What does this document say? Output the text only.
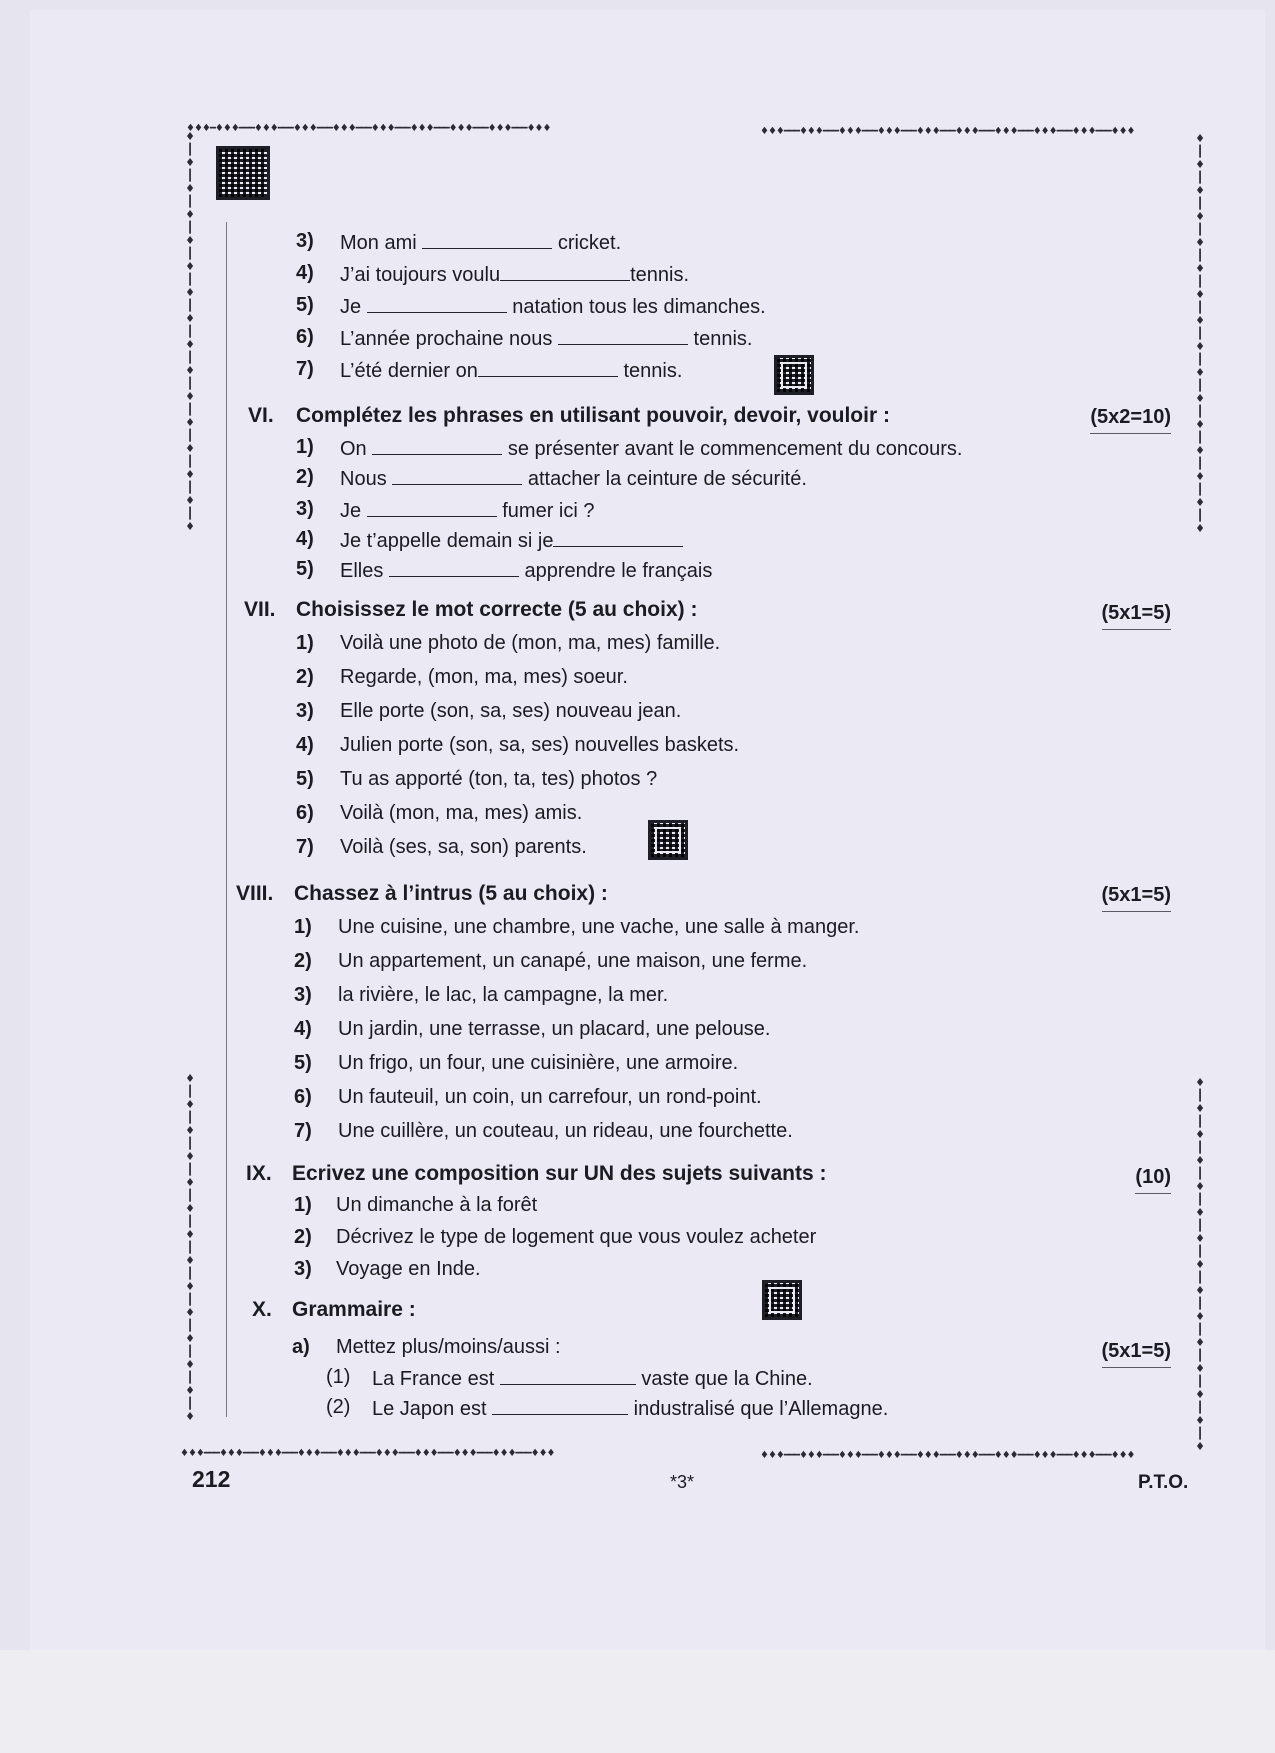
♦♦♦━♦♦♦━━━♦♦♦━━━♦♦♦━━━♦♦♦━━━♦♦♦━━━♦♦♦━━━♦♦♦━━━♦♦♦━━━♦♦♦	♦♦♦━━━♦♦♦━━━♦♦♦━━━♦♦♦━━━♦♦♦━━━♦♦♦━━━♦♦♦━━━♦♦♦━━━♦♦♦━━━♦♦♦
♦♦♦━━━♦♦♦━━━♦♦♦━━━♦♦♦━━━♦♦♦━━━♦♦♦━━━♦♦♦━━━♦♦♦━━━♦♦♦━━━♦♦♦	♦♦♦━━━♦♦♦━━━♦♦♦━━━♦♦♦━━━♦♦♦━━━♦♦♦━━━♦♦♦━━━♦♦♦━━━♦♦♦━━━♦♦♦
♦
┃
♦
┃
♦
┃
♦
┃
♦
┃
♦
┃
♦
┃
♦
┃
♦
┃
♦
┃
♦
┃
♦
┃
♦
┃
♦
┃
♦
┃
♦
♦
┃
♦
┃
♦
┃
♦
┃
♦
┃
♦
┃
♦
┃
♦
┃
♦
┃
♦
┃
♦
┃
♦
┃
♦
┃
♦
♦
┃
♦
┃
♦
┃
♦
┃
♦
┃
♦
┃
♦
┃
♦
┃
♦
┃
♦
┃
♦
┃
♦
┃
♦
┃
♦
┃
♦
┃
♦
♦
┃
♦
┃
♦
┃
♦
┃
♦
┃
♦
┃
♦
┃
♦
┃
♦
┃
♦
┃
♦
┃
♦
┃
♦
┃
♦
┃
♦
3) Mon ami	cricket.
4) J’ai toujours voulu	tennis.
5) Je	natation tous les dimanches.
6) L’année prochaine nous	tennis.
7) L’été dernier on	tennis.
VI. Complétez les phrases en utilisant pouvoir, devoir, vouloir :	(5x2=10)
1) On	se présenter avant le commencement du concours.
2) Nous	attacher la ceinture de sécurité.
3) Je	fumer ici ?
4) Je t’appelle demain si je
5) Elles	apprendre le français
VII. Choisissez le mot correcte (5 au choix) :	(5x1=5)
1) Voilà une photo de (mon, ma, mes) famille.
2) Regarde, (mon, ma, mes) soeur.
3) Elle porte (son, sa, ses) nouveau jean.
4) Julien porte (son, sa, ses) nouvelles baskets.
5) Tu as apporté (ton, ta, tes) photos ?
6) Voilà (mon, ma, mes) amis.
7) Voilà (ses, sa, son) parents.
VIII. Chassez à l’intrus (5 au choix) :	(5x1=5)
1) Une cuisine, une chambre, une vache, une salle à manger.
2) Un appartement, un canapé, une maison, une ferme.
3) la rivière, le lac, la campagne, la mer.
4) Un jardin, une terrasse, un placard, une pelouse.
5) Un frigo, un four, une cuisinière, une armoire.
6) Un fauteuil, un coin, un carrefour, un rond-point.
7) Une cuillère, un couteau, un rideau, une fourchette.
IX. Ecrivez une composition sur UN des sujets suivants :	(10)
1) Un dimanche à la forêt
2) Décrivez le type de logement que vous voulez acheter
3) Voyage en Inde.
X. Grammaire :
a) Mettez plus/moins/aussi :	(5x1=5)
(1) La France est	vaste que la Chine.
(2) Le Japon est	industralisé que l’Allemagne.
212	*3*	P.T.O.
